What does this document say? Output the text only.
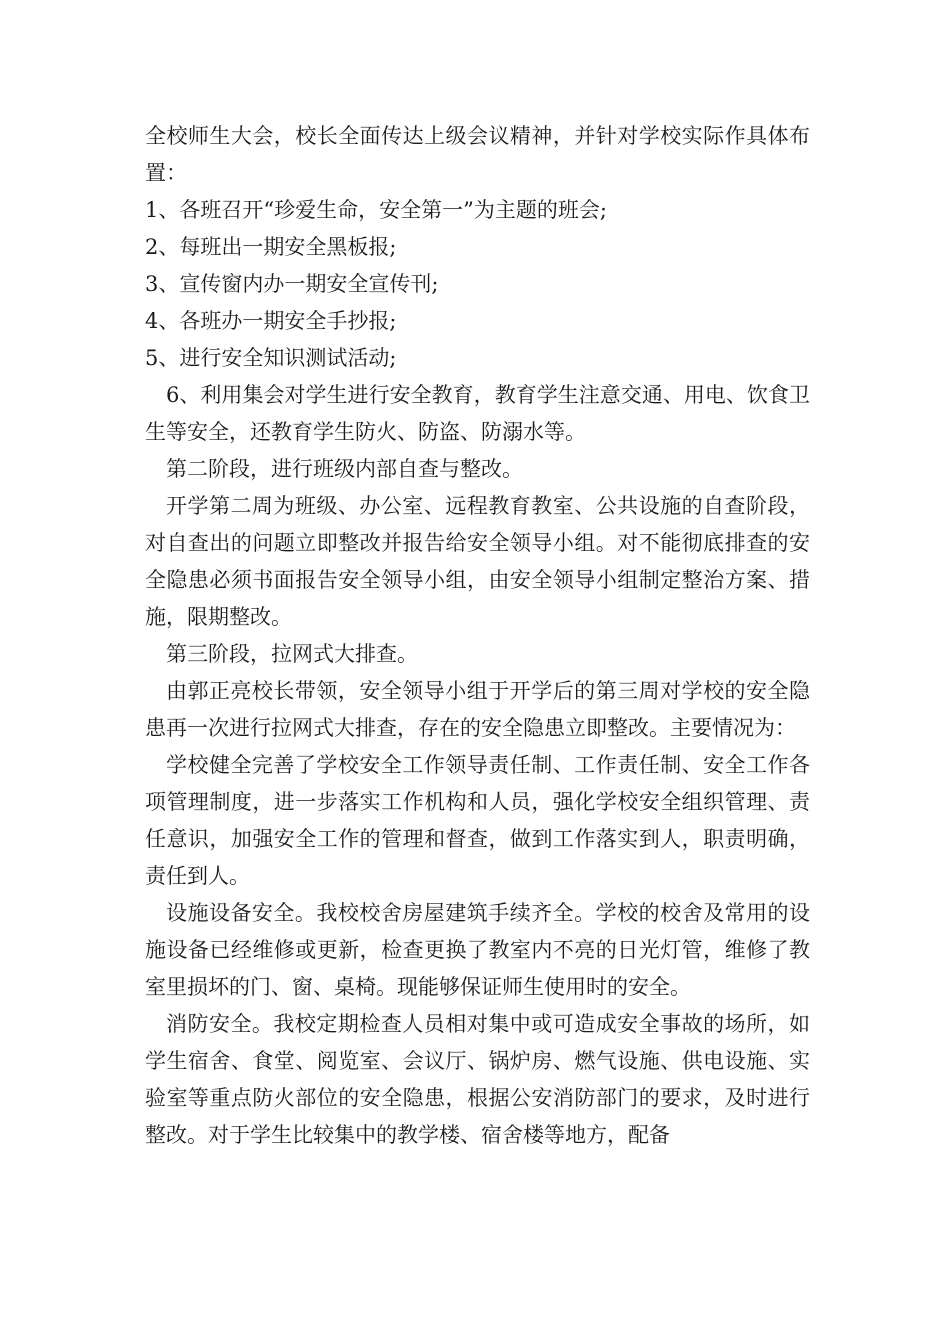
全校师生大会，校长全面传达上级会议精神，并针对学校实际作具体布置：

1、各班召开“珍爱生命，安全第一”为主题的班会;

2、每班出一期安全黑板报;

3、宣传窗内办一期安全宣传刊;

4、各班办一期安全手抄报;

5、进行安全知识测试活动;

6、利用集会对学生进行安全教育，教育学生注意交通、用电、饮食卫生等安全，还教育学生防火、防盗、防溺水等。

第二阶段，进行班级内部自查与整改。

开学第二周为班级、办公室、远程教育教室、公共设施的自查阶段，对自查出的问题立即整改并报告给安全领导小组。对不能彻底排查的安全隐患必须书面报告安全领导小组，由安全领导小组制定整治方案、措施，限期整改。

第三阶段，拉网式大排查。

由郭正亮校长带领，安全领导小组于开学后的第三周对学校的安全隐患再一次进行拉网式大排查，存在的安全隐患立即整改。主要情况为：

学校健全完善了学校安全工作领导责任制、工作责任制、安全工作各项管理制度，进一步落实工作机构和人员，强化学校安全组织管理、责任意识，加强安全工作的管理和督查，做到工作落实到人，职责明确，责任到人。

设施设备安全。我校校舍房屋建筑手续齐全。学校的校舍及常用的设施设备已经维修或更新，检查更换了教室内不亮的日光灯管，维修了教室里损坏的门、窗、桌椅。现能够保证师生使用时的安全。

消防安全。我校定期检查人员相对集中或可造成安全事故的场所，如学生宿舍、食堂、阅览室、会议厅、锅炉房、燃气设施、供电设施、实验室等重点防火部位的安全隐患，根据公安消防部门的要求，及时进行整改。对于学生比较集中的教学楼、宿舍楼等地方，配备
